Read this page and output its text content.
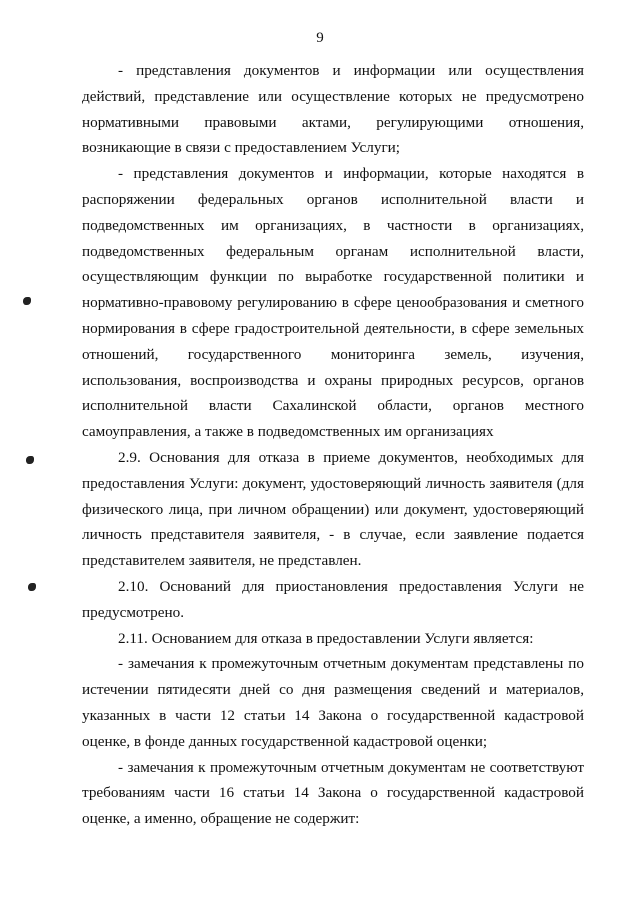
9

- представления документов и информации или осуществления действий, представление или осуществление которых не предусмотрено нормативными правовыми актами, регулирующими отношения, возникающие в связи с предоставлением Услуги;

- представления документов и информации, которые находятся в распоряжении федеральных органов исполнительной власти и подведомственных им организациях, в частности в организациях, подведомственных федеральным органам исполнительной власти, осуществляющим функции по выработке государственной политики и нормативно-правовому регулированию в сфере ценообразования и сметного нормирования в сфере градостроительной деятельности, в сфере земельных отношений, государственного мониторинга земель, изучения, использования, воспроизводства и охраны природных ресурсов, органов исполнительной власти Сахалинской области, органов местного самоуправления, а также в подведомственных им организациях

2.9. Основания для отказа в приеме документов, необходимых для предоставления Услуги: документ, удостоверяющий личность заявителя (для физического лица, при личном обращении) или документ, удостоверяющий личность представителя заявителя, - в случае, если заявление подается представителем заявителя, не представлен.

2.10. Оснований для приостановления предоставления Услуги не предусмотрено.

2.11. Основанием для отказа в предоставлении Услуги является:

- замечания к промежуточным отчетным документам представлены по истечении пятидесяти дней со дня размещения сведений и материалов, указанных в части 12 статьи 14 Закона о государственной кадастровой оценке, в фонде данных государственной кадастровой оценки;

- замечания к промежуточным отчетным документам не соответствуют требованиям части 16 статьи 14 Закона о государственной кадастровой оценке, а именно, обращение не содержит:
